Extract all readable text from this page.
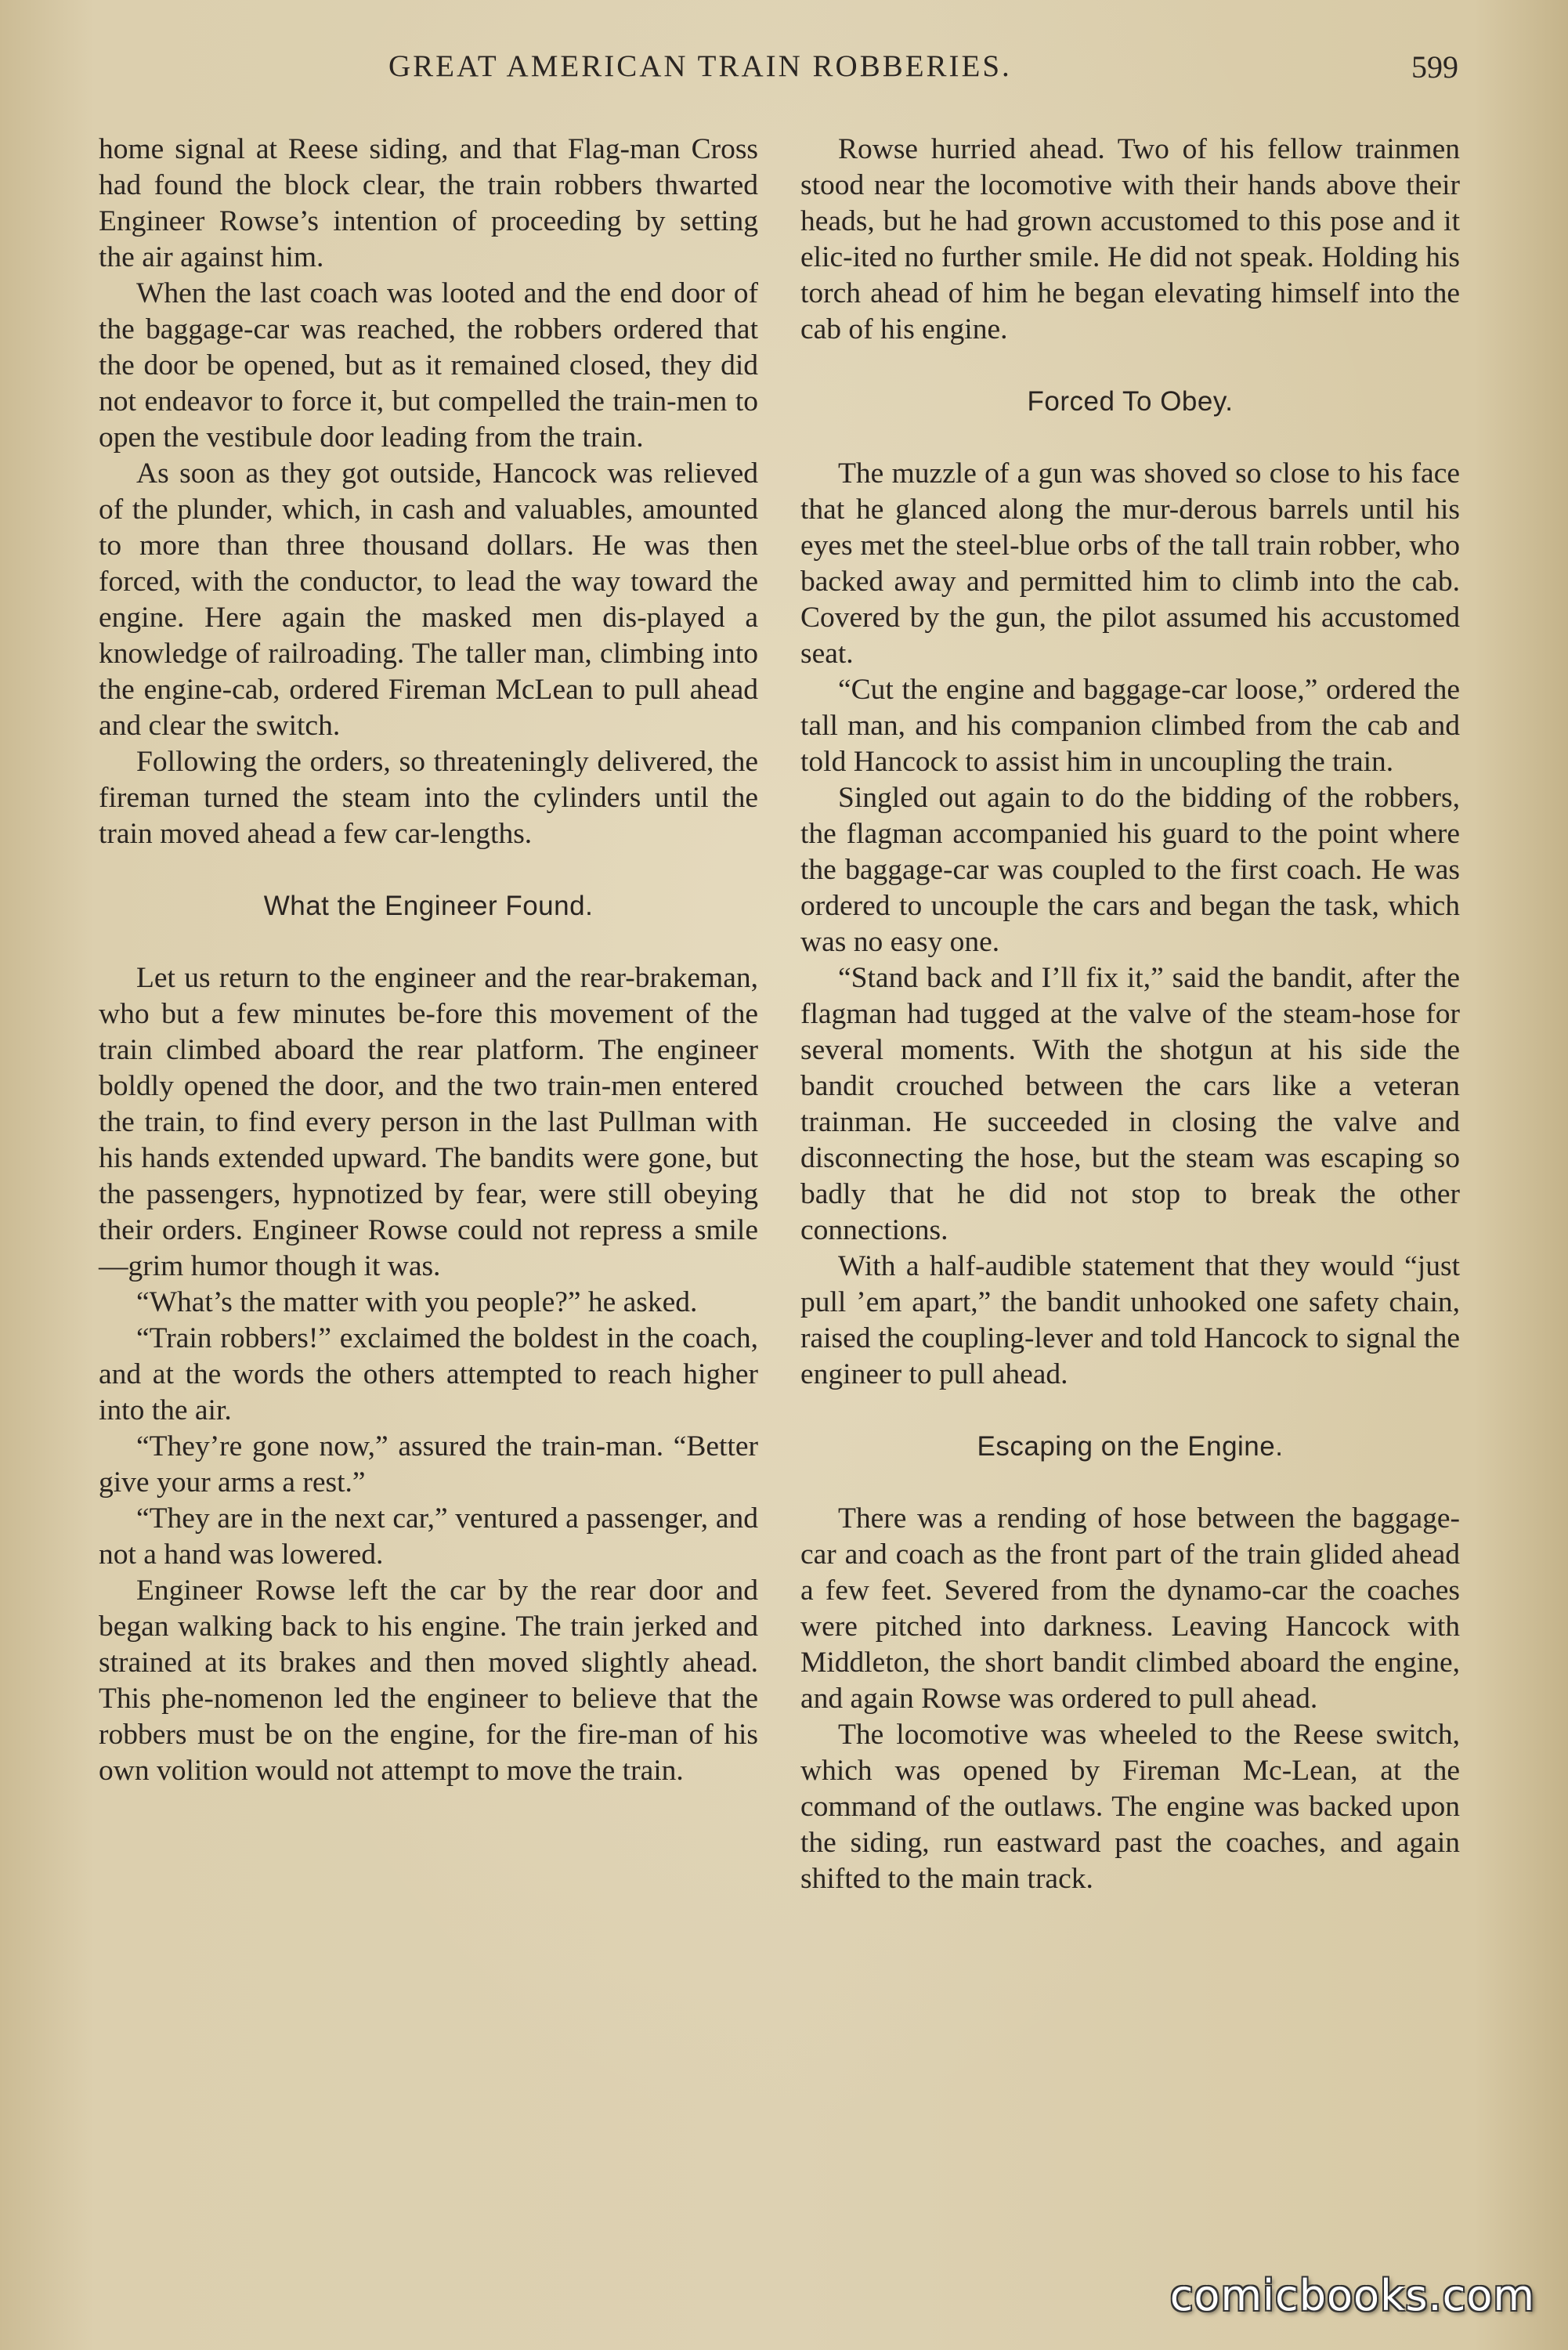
GREAT AMERICAN TRAIN ROBBERIES.	599

home signal at Reese siding, and that Flag-man Cross had found the block clear, the train robbers thwarted Engineer Rowse’s intention of proceeding by setting the air against him.

When the last coach was looted and the end door of the baggage-car was reached, the robbers ordered that the door be opened, but as it remained closed, they did not endeavor to force it, but compelled the train-men to open the vestibule door leading from the train.

As soon as they got outside, Hancock was relieved of the plunder, which, in cash and valuables, amounted to more than three thousand dollars. He was then forced, with the conductor, to lead the way toward the engine. Here again the masked men dis-played a knowledge of railroading. The taller man, climbing into the engine-cab, ordered Fireman McLean to pull ahead and clear the switch.

Following the orders, so threateningly delivered, the fireman turned the steam into the cylinders until the train moved ahead a few car-lengths.

What the Engineer Found.

Let us return to the engineer and the rear-brakeman, who but a few minutes be-fore this movement of the train climbed aboard the rear platform. The engineer boldly opened the door, and the two train-men entered the train, to find every person in the last Pullman with his hands extended upward. The bandits were gone, but the passengers, hypnotized by fear, were still obeying their orders. Engineer Rowse could not repress a smile—grim humor though it was.

“What’s the matter with you people?” he asked.

“Train robbers!” exclaimed the boldest in the coach, and at the words the others attempted to reach higher into the air.

“They’re gone now,” assured the train-man. “Better give your arms a rest.”

“They are in the next car,” ventured a passenger, and not a hand was lowered.

Engineer Rowse left the car by the rear door and began walking back to his engine. The train jerked and strained at its brakes and then moved slightly ahead. This phe-nomenon led the engineer to believe that the robbers must be on the engine, for the fire-man of his own volition would not attempt to move the train.

Rowse hurried ahead. Two of his fellow trainmen stood near the locomotive with their hands above their heads, but he had grown accustomed to this pose and it elic-ited no further smile. He did not speak. Holding his torch ahead of him he began elevating himself into the cab of his engine.

Forced To Obey.

The muzzle of a gun was shoved so close to his face that he glanced along the mur-derous barrels until his eyes met the steel-blue orbs of the tall train robber, who backed away and permitted him to climb into the cab. Covered by the gun, the pilot assumed his accustomed seat.

“Cut the engine and baggage-car loose,” ordered the tall man, and his companion climbed from the cab and told Hancock to assist him in uncoupling the train.

Singled out again to do the bidding of the robbers, the flagman accompanied his guard to the point where the baggage-car was coupled to the first coach. He was ordered to uncouple the cars and began the task, which was no easy one.

“Stand back and I’ll fix it,” said the bandit, after the flagman had tugged at the valve of the steam-hose for several moments. With the shotgun at his side the bandit crouched between the cars like a veteran trainman. He succeeded in closing the valve and disconnecting the hose, but the steam was escaping so badly that he did not stop to break the other connections.

With a half-audible statement that they would “just pull ’em apart,” the bandit unhooked one safety chain, raised the coupling-lever and told Hancock to signal the engineer to pull ahead.

Escaping on the Engine.

There was a rending of hose between the baggage-car and coach as the front part of the train glided ahead a few feet. Severed from the dynamo-car the coaches were pitched into darkness. Leaving Hancock with Middleton, the short bandit climbed aboard the engine, and again Rowse was ordered to pull ahead.

The locomotive was wheeled to the Reese switch, which was opened by Fireman Mc-Lean, at the command of the outlaws. The engine was backed upon the siding, run eastward past the coaches, and again shifted to the main track.

comicbooks.com
